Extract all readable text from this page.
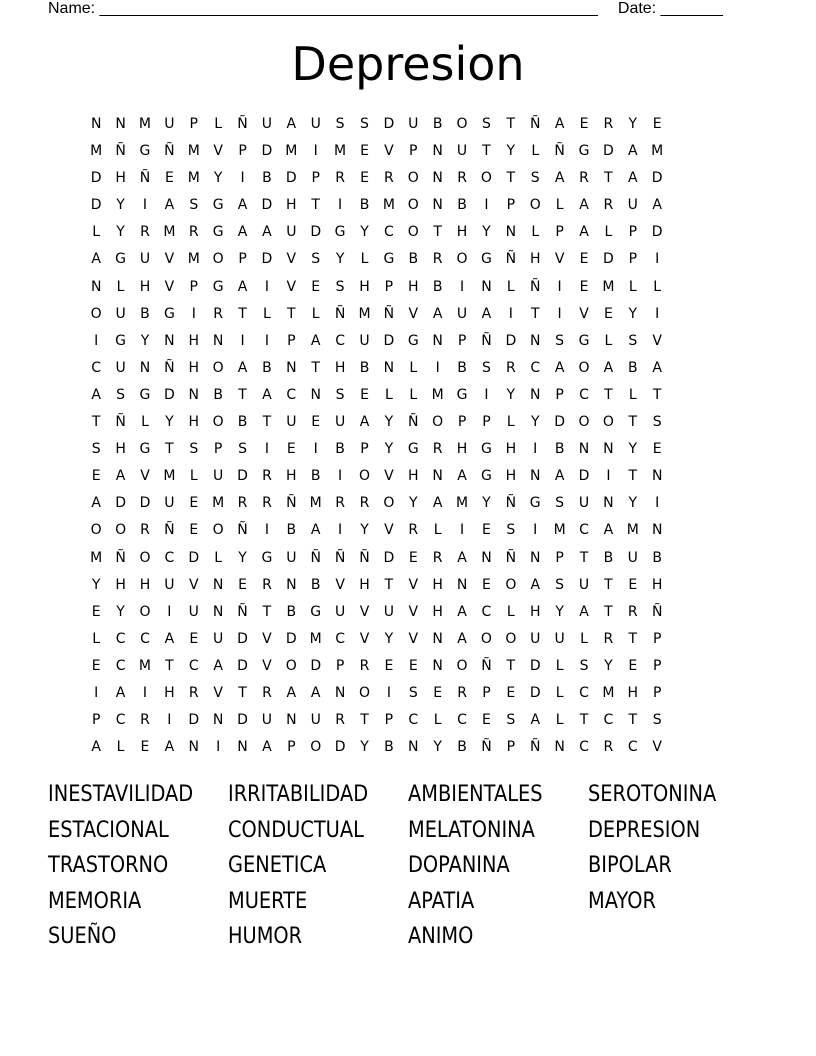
Name: ________________________________________________________ Date: _______
Depresion
N N M U	P	L	Ñ	U	A	U	S	S	D U	B	O	S	T	Ñ	A	E	R	Y	E
M Ñ G Ñ M V	P	D M	I	M E	V	P	N	U	T	Y	L	Ñ G D	A M
D H Ñ	E M	Y	I	B	D	P	R	E	R	O N	R	O	T	S	A	R	T	A	D
D	Y	I	A	S	G	A	D H	T	I	B M O N	B	I	P	O	L	A	R	U	A
L	Y	R M R	G	A	A	U D G	Y	C O	T	H	Y	N	L	P	A	L	P	D
A	G U	V M O	P	D	V	S	Y	L	G	B	R	O G Ñ H	V	E	D	P	I
N	L	H	V	P	G	A	I	V	E	S	H	P	H	B	I	N	L	Ñ	I	E M	L	L
O U	B	G	I	R	T	L	T	L	Ñ M Ñ	V	A	U	A	I	T	I	V	E	Y	I
I	G	Y	N H N	I	I	P	A	C	U D G N	P	Ñ D N	S	G	L	S	V
C	U	N Ñ H O	A	B	N	T	H	B	N	L	I	B	S	R	C	A	O	A	B	A
A	S	G D N	B	T	A	C	N	S	E	L	L	M G	I	Y	N	P	C	T	L	T
T	Ñ	L	Y	H O	B	T	U	E	U	A	Y	Ñ O	P	P	L	Y	D O O	T	S
S	H G	T	S	P	S	I	E	I	B	P	Y	G	R	H G H	I	B	N N	Y	E
E	A	V M	L	U D	R	H	B	I	O	V	H N	A	G H N	A	D	I	T	N
A	D D U	E M R	R	Ñ M R	R	O	Y	A M	Y	Ñ G	S	U	N	Y	I
O O	R	Ñ	E	O Ñ	I	B	A	I	Y	V	R	L	I	E	S	I	M C	A M N
M Ñ O C	D	L	Y	G U	Ñ Ñ Ñ D	E	R	A	N Ñ N	P	T	B	U	B
Y	H H	U	V	N	E	R	N	B	V	H	T	V	H N	E	O	A	S	U	T	E	H
E	Y	O	I	U	N Ñ	T	B	G U	V	U	V	H	A	C	L	H	Y	A	T	R	Ñ
L	C	C	A	E	U D	V	D M C	V	Y	V	N	A	O O U	U	L	R	T	P
E	C M	T	C	A	D	V	O D	P	R	E	E	N O Ñ	T	D	L	S	Y	E	P
I	A	I	H	R	V	T	R	A	A	N O	I	S	E	R	P	E	D	L	C M H	P
P	C	R	I	D N D U	N	U	R	T	P	C	L	C	E	S	A	L	T	C	T	S
A	L	E	A	N	I	N	A	P	O D	Y	B	N	Y	B	Ñ	P	Ñ N	C	R	C	V
INESTAVILIDAD	IRRITABILIDAD	AMBIENTALES	SEROTONINA
ESTACIONAL	CONDUCTUAL	MELATONINA	DEPRESION
TRASTORNO	GENETICA	DOPANINA	BIPOLAR
MEMORIA	MUERTE	APATIA	MAYOR
SUEÑO	HUMOR	ANIMO
